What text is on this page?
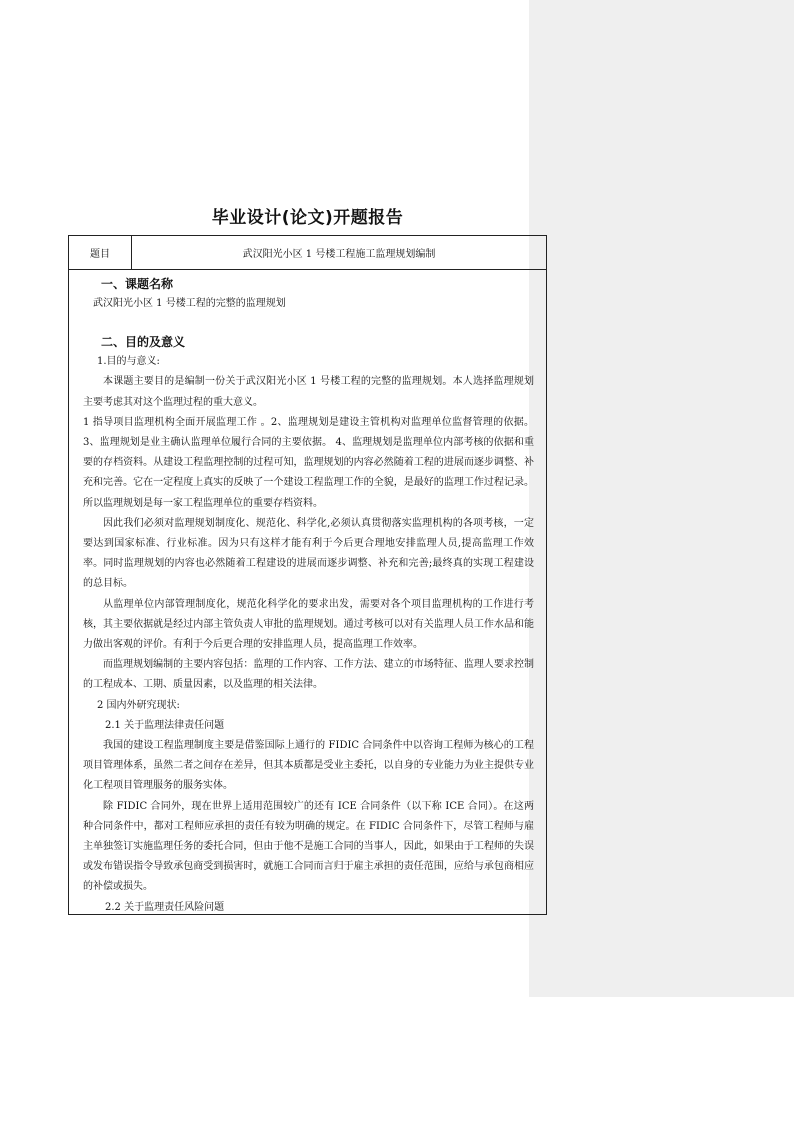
毕业设计(论文)开题报告
题目	武汉阳光小区 1 号楼工程施工监理规划编制
一、课题名称

武汉阳光小区 1 号楼工程的完整的监理规划

二、目的及意义

1.目的与意义:

本课题主要目的是编制一份关于武汉阳光小区 1 号楼工程的完整的监理规划。本人选择监理规划主要考虑其对这个监理过程的重大意义。

1 指导项目监理机构全面开展监理工作 。2、监理规划是建设主管机构对监理单位监督管理的依据。3、监理规划是业主确认监理单位履行合同的主要依据。 4、监理规划是监理单位内部考核的依据和重要的存档资料。从建设工程监理控制的过程可知，监理规划的内容必然随着工程的进展而逐步调整、补充和完善。它在一定程度上真实的反映了一个建设工程监理工作的全貌，是最好的监理工作过程记录。所以监理规划是每一家工程监理单位的重要存档资料。

因此我们必须对监理规划制度化、规范化、科学化,必须认真贯彻落实监理机构的各项考核，一定要达到国家标准、行业标准。因为只有这样才能有利于今后更合理地安排监理人员,提高监理工作效率。同时监理规划的内容也必然随着工程建设的进展而逐步调整、补充和完善;最终真的实现工程建设的总目标。

从监理单位内部管理制度化，规范化科学化的要求出发，需要对各个项目监理机构的工作进行考核，其主要依据就是经过内部主管负责人审批的监理规划。通过考核可以对有关监理人员工作水品和能力做出客观的评价。有利于今后更合理的安排监理人员，提高监理工作效率。

而监理规划编制的主要内容包括：监理的工作内容、工作方法、建立的市场特征、监理人要求控制的工程成本、工期、质量因素，以及监理的相关法律。

2 国内外研究现状:

2.1 关于监理法律责任问题

我国的建设工程监理制度主要是借鉴国际上通行的 FIDIC 合同条件中以咨询工程师为核心的工程项目管理体系，虽然二者之间存在差异，但其本质都是受业主委托，以自身的专业能力为业主提供专业化工程项目管理服务的服务实体。

除 FIDIC 合同外，现在世界上适用范围较广的还有 ICE 合同条件（以下称 ICE 合同）。在这两种合同条件中，都对工程师应承担的责任有较为明确的规定。在 FIDIC 合同条件下，尽管工程师与雇主单独签订实施监理任务的委托合同，但由于他不是施工合同的当事人，因此，如果由于工程师的失误或发布错误指令导致承包商受到损害时，就施工合同而言归于雇主承担的责任范围，应给与承包商相应的补偿或损失。

2.2 关于监理责任风险问题
